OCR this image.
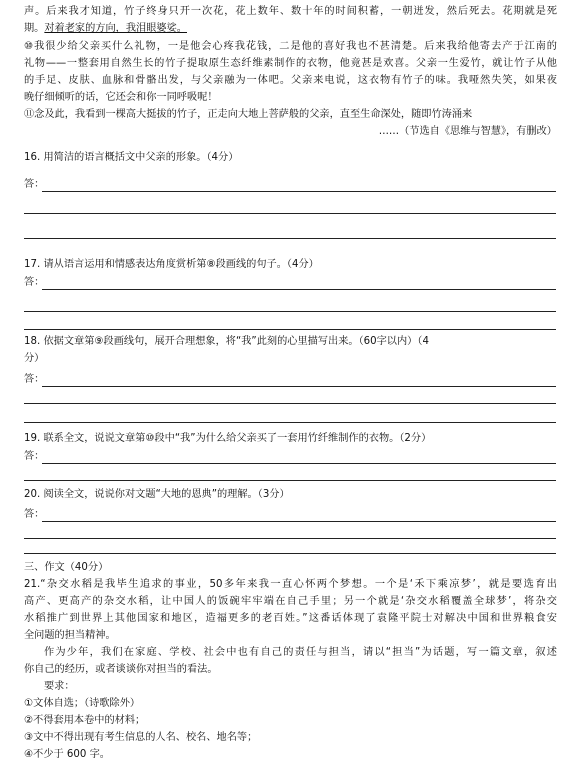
声。后来我才知道，竹子终身只开一次花，花上数年、数十年的时间积蓄，一朝迸发，然后死去。花期就是死
期。对着老家的方向，我泪眼婆娑。
⑩我很少给父亲买什么礼物，一是他会心疼我花钱，二是他的喜好我也不甚清楚。后来我给他寄去产于江南的
礼物——一整套用自然生长的竹子提取原生态纤维素制作的衣物，他竟甚是欢喜。父亲一生爱竹，就让竹子从他
的手足、皮肤、血脉和骨骼出发，与父亲融为一体吧。父亲来电说，这衣物有竹子的味。我哑然失笑，如果夜
晚仔细倾听的话，它还会和你一同呼吸呢！
⑪念及此，我看到一棵高大挺拔的竹子，正走向大地上菩萨般的父亲，直至生命深处，随即竹涛涌来
……（节选自《思维与智慧》，有删改）
16. 用简洁的语言概括文中父亲的形象。（4分）
答：
17. 请从语言运用和情感表达角度赏析第⑧段画线的句子。（4分）
答：
18. 依据文章第⑨段画线句，展开合理想象，将“我”此刻的心里描写出来。（60字以内）（4
分）
答：
19. 联系全文，说说文章第⑩段中“我”为什么给父亲买了一套用竹纤维制作的衣物。（2分）
答：
20. 阅读全文，说说你对文题“大地的恩典”的理解。（3分）
答：
三、作文（40分）
21.“杂交水稻是我毕生追求的事业，50多年来我一直心怀两个梦想。一个是‘禾下乘凉梦’，就是要选育出
高产、更高产的杂交水稻，让中国人的饭碗牢牢端在自己手里；另一个就是‘杂交水稻覆盖全球梦’，将杂交
水稻推广到世界上其他国家和地区，造福更多的老百姓。”这番话体现了袁隆平院士对解决中国和世界粮食安
全问题的担当精神。
作为少年，我们在家庭、学校、社会中也有自己的责任与担当，请以“担当”为话题，写一篇文章，叙述
你自己的经历，或者谈谈你对担当的看法。
要求：
①文体自选；（诗歌除外）
②不得套用本卷中的材料；
③文中不得出现有考生信息的人名、校名、地名等；
④不少于 600 字。
